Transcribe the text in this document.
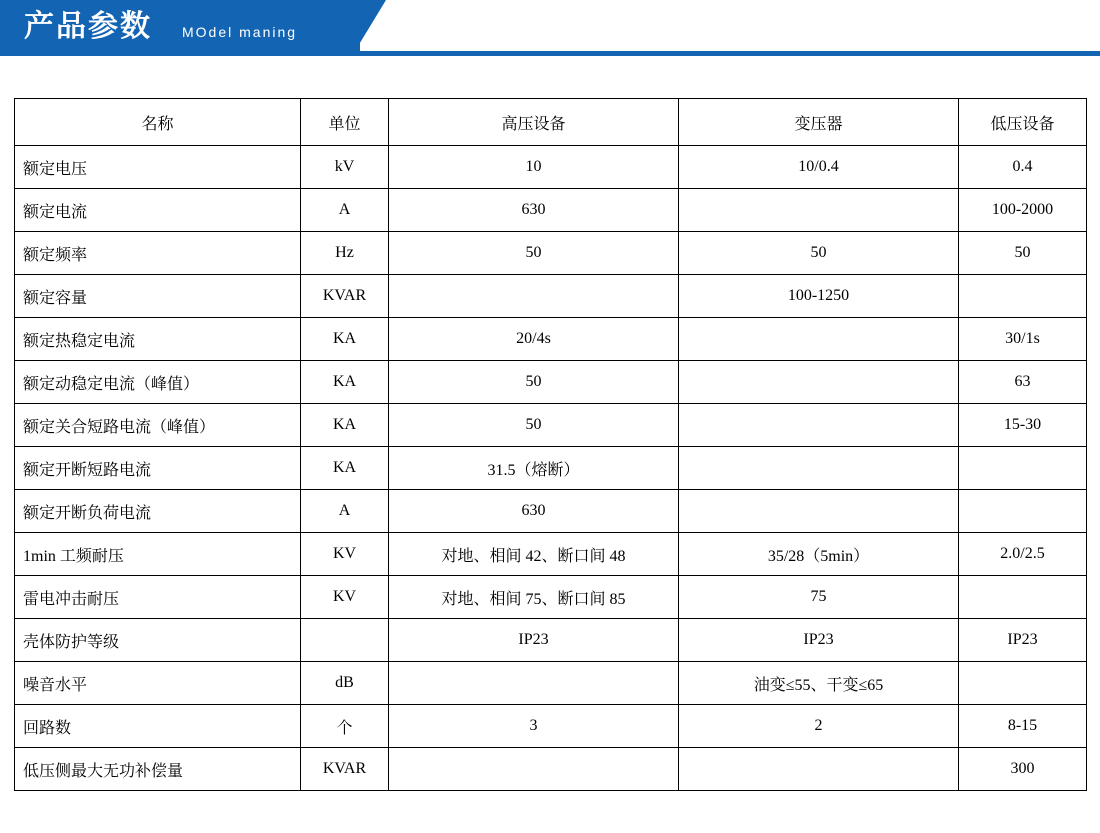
产品参数 MOdel maning
名称	单位	高压设备	变压器	低压设备
额定电压	kV	10	10/0.4	0.4
额定电流	A	630		100-2000
额定频率	Hz	50	50	50
额定容量	KVAR		100-1250	
额定热稳定电流	KA	20/4s		30/1s
额定动稳定电流（峰值）	KA	50		63
额定关合短路电流（峰值）	KA	50		15-30
额定开断短路电流	KA	31.5（熔断）		
额定开断负荷电流	A	630		
1min 工频耐压	KV	对地、相间 42、断口间 48	35/28（5min）	2.0/2.5
雷电冲击耐压	KV	对地、相间 75、断口间 85	75	
壳体防护等级		IP23	IP23	IP23
噪音水平	dB		油变≤55、干变≤65	
回路数	个	3	2	8-15
低压侧最大无功补偿量	KVAR			300
